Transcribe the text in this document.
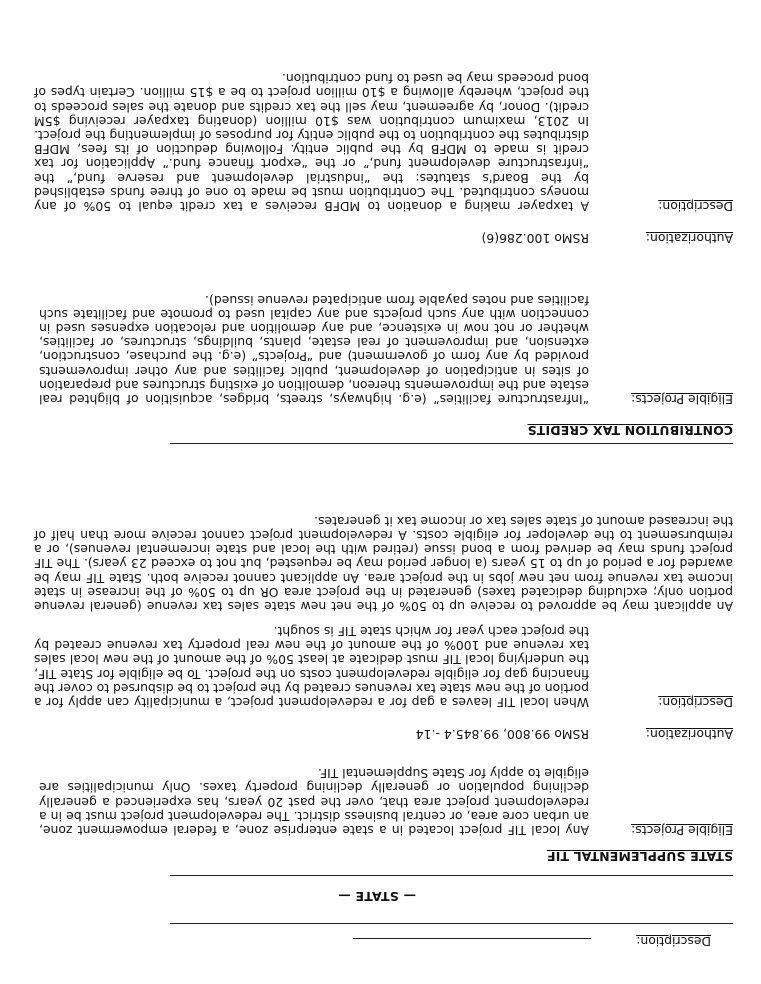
Description:
— STATE —
STATE SUPPLEMENTAL TIF
Eligible Projects:
Any local TIF project located in a state enterprise zone, a federal empowerment zone, an urban core area, or central business district. The redevelopment project must be in a redevelopment project area that, over the past 20 years, has experienced a generally declining population or generally declining property taxes. Only municipalities are eligible to apply for State Supplemental TIF.
Authorization:
RSMo 99.800, 99.845.4 -.14
Description:
When local TIF leaves a gap for a redevelopment project, a municipality can apply for a portion of the new state tax revenues created by the project to be disbursed to cover the financing gap for eligible redevelopment costs on the project. To be eligible for State TIF, the underlying local TIF must dedicate at least 50% of the amount of the new local sales tax revenue and 100% of the amount of the new real property tax revenue created by the project each year for which state TIF is sought.
An applicant may be approved to receive up to 50% of the net new state sales tax revenue (general revenue portion only; excluding dedicated taxes) generated in the project area OR up to 50% of the increase in state income tax revenue from net new jobs in the project area. An applicant cannot receive both. State TIF may be awarded for a period of up to 15 years (a longer period may be requested, but not to exceed 23 years). The TIF project funds may be derived from a bond issue (retired with the local and state incremental revenues), or a reimbursement to the developer for eligible costs. A redevelopment project cannot receive more than half of the increased amount of state sales tax or income tax it generates.
CONTRIBUTION TAX CREDITS
Eligible Projects:
“Infrastructure facilities” (e.g. highways, streets, bridges, acquisition of blighted real estate and the improvements thereon, demolition of existing structures and preparation of sites in anticipation of development, public facilities and any other improvements provided by any form of government) and “Projects” (e.g. the purchase, construction, extension, and improvement of real estate, plants, buildings, structures, or facilities, whether or not now in existence, and any demolition and relocation expenses used in connection with any such projects and any capital used to promote and facilitate such facilities and notes payable from anticipated revenue issued).
Authorization:
RSMo 100.286(6)
Description:
A taxpayer making a donation to MDFB receives a tax credit equal to 50% of any moneys contributed. The Contribution must be made to one of three funds established by the Board's statutes: the “industrial development and reserve fund,” the “infrastructure development fund,” or the “export finance fund.” Application for tax credit is made to MDFB by the public entity. Following deduction of its fees, MDFB distributes the contribution to the public entity for purposes of implementing the project. In 2013, maximum contribution was $10 million (donating taxpayer receiving $5M credit). Donor, by agreement, may sell the tax credits and donate the sales proceeds to the project, whereby allowing a $10 million project to be a $15 million. Certain types of bond proceeds may be used to fund contribution.
